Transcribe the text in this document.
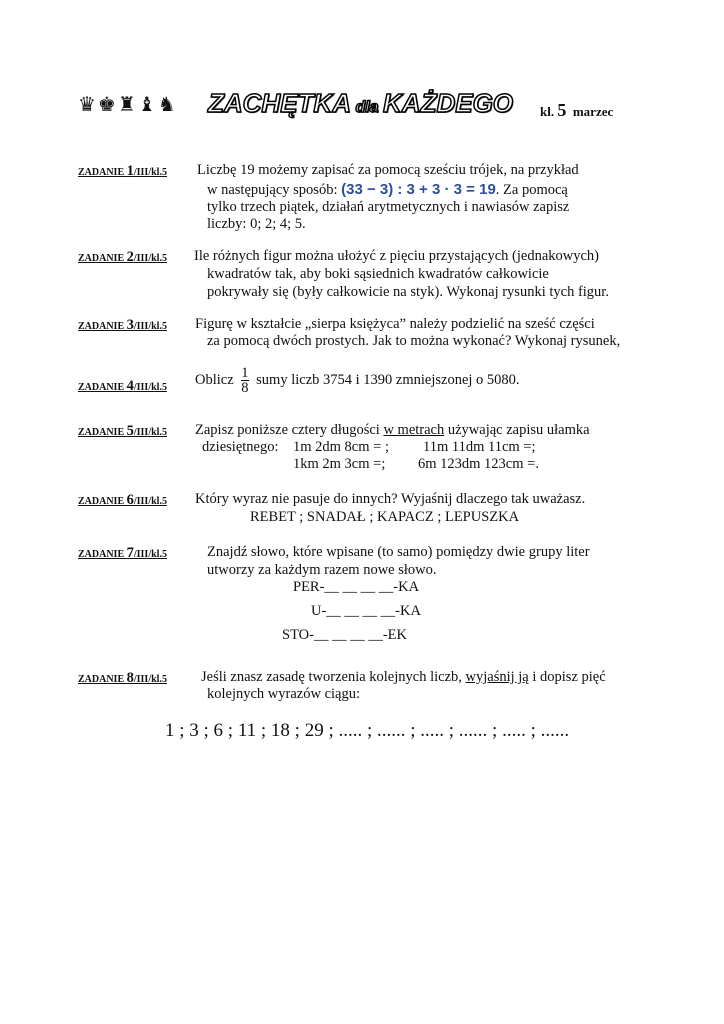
♛♚♜♝♞ ZACHĘTKA dla KAŻDEGO kl. 5 marzec
ZADANIE 1/III/kl.5 Liczbę 19 możemy zapisać za pomocą sześciu trójek, na przykład
w następujący sposób: (33 − 3) : 3 + 3 · 3 = 19. Za pomocą
tylko trzech piątek, działań arytmetycznych i nawiasów zapisz
liczby: 0; 2; 4; 5.
ZADANIE 2/III/kl.5 Ile różnych figur można ułożyć z pięciu przystających (jednakowych)
kwadratów tak, aby boki sąsiednich kwadratów całkowicie
pokrywały się (były całkowicie na styk). Wykonaj rysunki tych figur.
ZADANIE 3/III/kl.5 Figurę w kształcie „sierpa księżyca” należy podzielić na sześć części
za pomocą dwóch prostych. Jak to można wykonać? Wykonaj rysunek,
ZADANIE 4/III/kl.5 Oblicz $\frac{1}{8}$ sumy liczb 3754 i 1390 zmniejszonej o 5080.
ZADANIE 5/III/kl.5 Zapisz poniższe cztery długości w metrach używając zapisu ułamka
dziesiętnego: 1m 2dm 8cm = ; 11m 11dm 11cm =;
1km 2m 3cm =; 6m 123dm 123cm =.
ZADANIE 6/III/kl.5 Który wyraz nie pasuje do innych? Wyjaśnij dlaczego tak uważasz.
REBET ; SNADAŁ ; KAPACZ ; LEPUSZKA
ZADANIE 7/III/kl.5	Znajdź słowo, które wpisane (to samo) pomiędzy dwie grupy liter
utworzy za każdym razem nowe słowo.
PER-__ __ __ __-KA
U-__ __ __ __-KA
STO-__ __ __ __-EK
ZADANIE 8/III/kl.5 Jeśli znasz zasadę tworzenia kolejnych liczb, wyjaśnij ją i dopisz pięć
kolejnych wyrazów ciągu:
1 ; 3 ; 6 ; 11 ; 18 ; 29 ; ..... ; ...... ; ..... ; ...... ; ..... ; ......
